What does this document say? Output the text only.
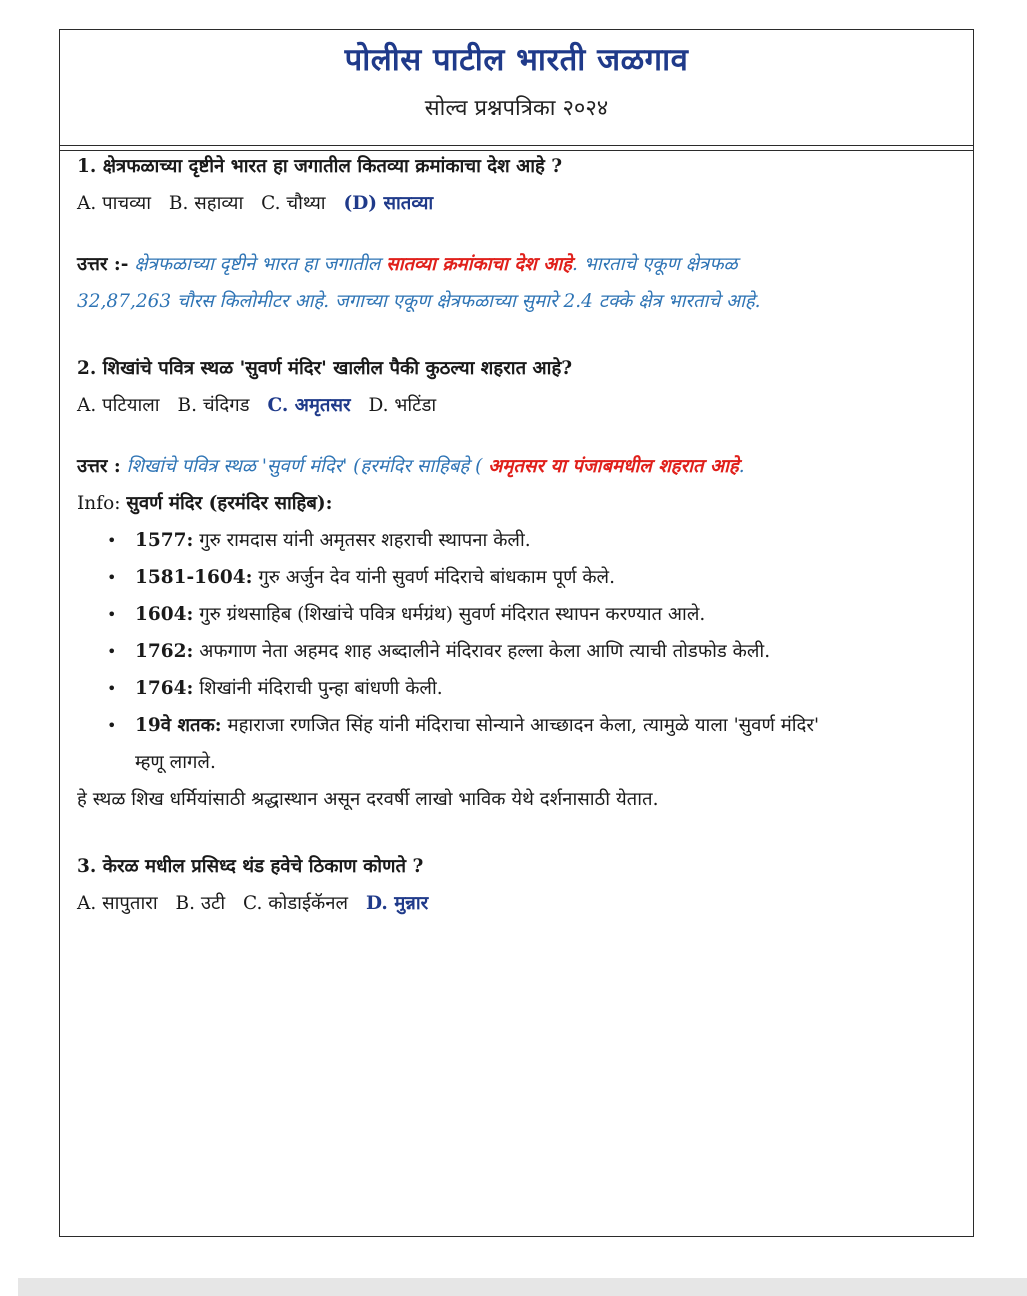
पोलीस पाटील भारती जळगाव
सोल्व प्रश्नपत्रिका २०२४

1. क्षेत्रफळाच्या दृष्टीने भारत हा जगातील कितव्या क्रमांकाचा देश आहे ?

A. पाचव्या B. सहाव्या C. चौथ्या (D) सातव्या

उत्तर :- क्षेत्रफळाच्या दृष्टीने भारत हा जगातील सातव्या क्रमांकाचा देश आहे. भारताचे एकूण क्षेत्रफळ 32,87,263 चौरस किलोमीटर आहे. जगाच्या एकूण क्षेत्रफळाच्या सुमारे 2.4 टक्के क्षेत्र भारताचे आहे.

2. शिखांचे पवित्र स्थळ 'सुवर्ण मंदिर' खालील पैकी कुठल्या शहरात आहे?

A. पटियाला B. चंदिगड C. अमृतसर D. भटिंडा

उत्तर : शिखांचे पवित्र स्थळ 'सुवर्ण मंदिर' (हरमंदिर साहिबहे ( अमृतसर या पंजाबमधील शहरात आहे.

Info: सुवर्ण मंदिर (हरमंदिर साहिब):

• 1577: गुरु रामदास यांनी अमृतसर शहराची स्थापना केली.
• 1581-1604: गुरु अर्जुन देव यांनी सुवर्ण मंदिराचे बांधकाम पूर्ण केले.
• 1604: गुरु ग्रंथसाहिब (शिखांचे पवित्र धर्मग्रंथ) सुवर्ण मंदिरात स्थापन करण्यात आले.
• 1762: अफगाण नेता अहमद शाह अब्दालीने मंदिरावर हल्ला केला आणि त्याची तोडफोड केली.
• 1764: शिखांनी मंदिराची पुन्हा बांधणी केली.
• 19वे शतक: महाराजा रणजित सिंह यांनी मंदिराचा सोन्याने आच्छादन केला, त्यामुळे याला 'सुवर्ण मंदिर' म्हणू लागले.

हे स्थळ शिख धर्मियांसाठी श्रद्धास्थान असून दरवर्षी लाखो भाविक येथे दर्शनासाठी येतात.

3. केरळ मधील प्रसिध्द थंड हवेचे ठिकाण कोणते ?

A. सापुतारा B. उटी C. कोडाईकॅनल D. मुन्नार
